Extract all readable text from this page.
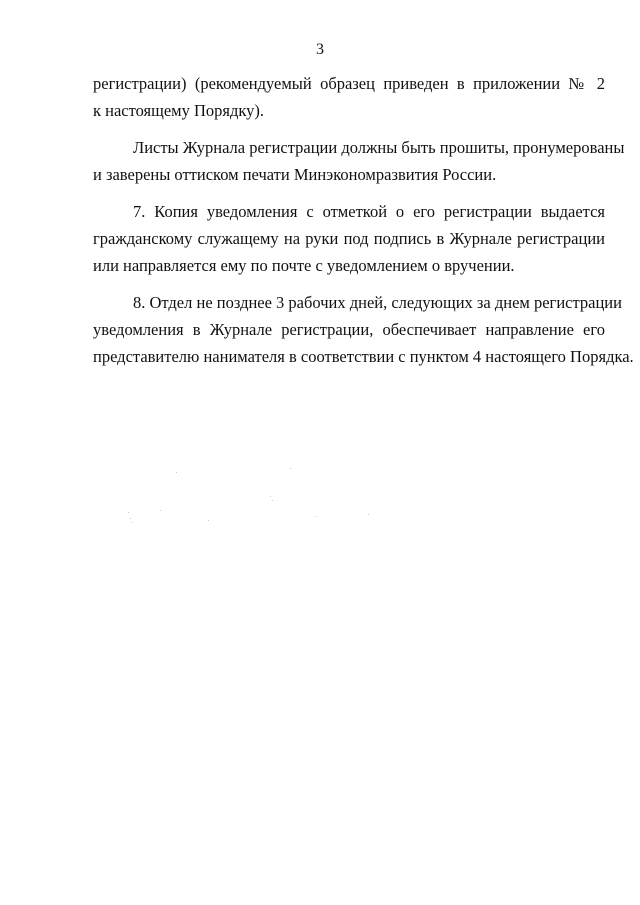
3
регистрации) (рекомендуемый образец приведен в приложении № 2
к настоящему Порядку).
Листы Журнала регистрации должны быть прошиты, пронумерованы
и заверены оттиском печати Минэкономразвития России.
7. Копия уведомления с отметкой о его регистрации выдается
гражданскому служащему на руки под подпись в Журнале регистрации
или направляется ему по почте с уведомлением о вручении.
8. Отдел не позднее 3 рабочих дней, следующих за днем регистрации
уведомления в Журнале регистрации, обеспечивает направление его
представителю нанимателя в соответствии с пунктом 4 настоящего Порядка.
